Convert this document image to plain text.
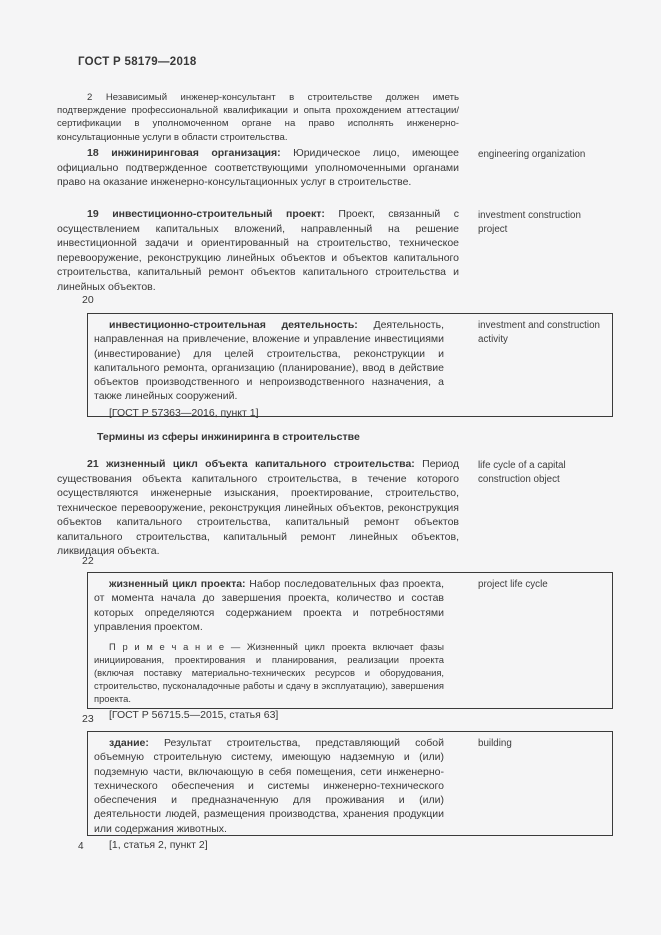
ГОСТ Р 58179—2018
2 Независимый инженер-консультант в строительстве должен иметь подтверждение профессиональной квалификации и опыта прохождением аттестации/сертификации в уполномоченном органе на право исполнять инженерно-консультационные услуги в области строительства.
18 инжиниринговая организация: Юридическое лицо, имеющее официально подтвержденное соответствующими уполномоченными органами право на оказание инженерно-консультационных услуг в строительстве.
engineering organization
19 инвестиционно-строительный проект: Проект, связанный с осуществлением капитальных вложений, направленный на решение инвестиционной задачи и ориентированный на строительство, техническое перевооружение, реконструкцию линейных объектов и объектов капитального строительства, капитальный ремонт объектов капитального строительства и линейных объектов.
investment construction project
20
инвестиционно-строительная деятельность: Деятельность, направленная на привлечение, вложение и управление инвестициями (инвестирование) для целей строительства, реконструкции и капитального ремонта, организацию (планирование), ввод в действие объектов производственного и непроизводственного назначения, а также линейных сооружений.
[ГОСТ Р 57363—2016, пункт 1]
investment and construction activity
Термины из сферы инжиниринга в строительстве
21 жизненный цикл объекта капитального строительства: Период существования объекта капитального строительства, в течение которого осуществляются инженерные изыскания, проектирование, строительство, техническое перевооружение, реконструкция линейных объектов, реконструкция объектов капитального строительства, капитальный ремонт объектов капитального строительства, капитальный ремонт линейных объектов, ликвидация объекта.
life cycle of a capital construction object
22
жизненный цикл проекта: Набор последовательных фаз проекта, от момента начала до завершения проекта, количество и состав которых определяются содержанием проекта и потребностями управления проектом.
П р и м е ч а н и е — Жизненный цикл проекта включает фазы инициирования, проектирования и планирования, реализации проекта (включая поставку материально-технических ресурсов и оборудования, строительство, пусконаладочные работы и сдачу в эксплуатацию), завершения проекта.
[ГОСТ Р 56715.5—2015, статья 63]
project life cycle
23
здание: Результат строительства, представляющий собой объемную строительную систему, имеющую надземную и (или) подземную части, включающую в себя помещения, сети инженерно-технического обеспечения и системы инженерно-технического обеспечения и предназначенную для проживания и (или) деятельности людей, размещения производства, хранения продукции или содержания животных.
[1, статья 2, пункт 2]
building
4
